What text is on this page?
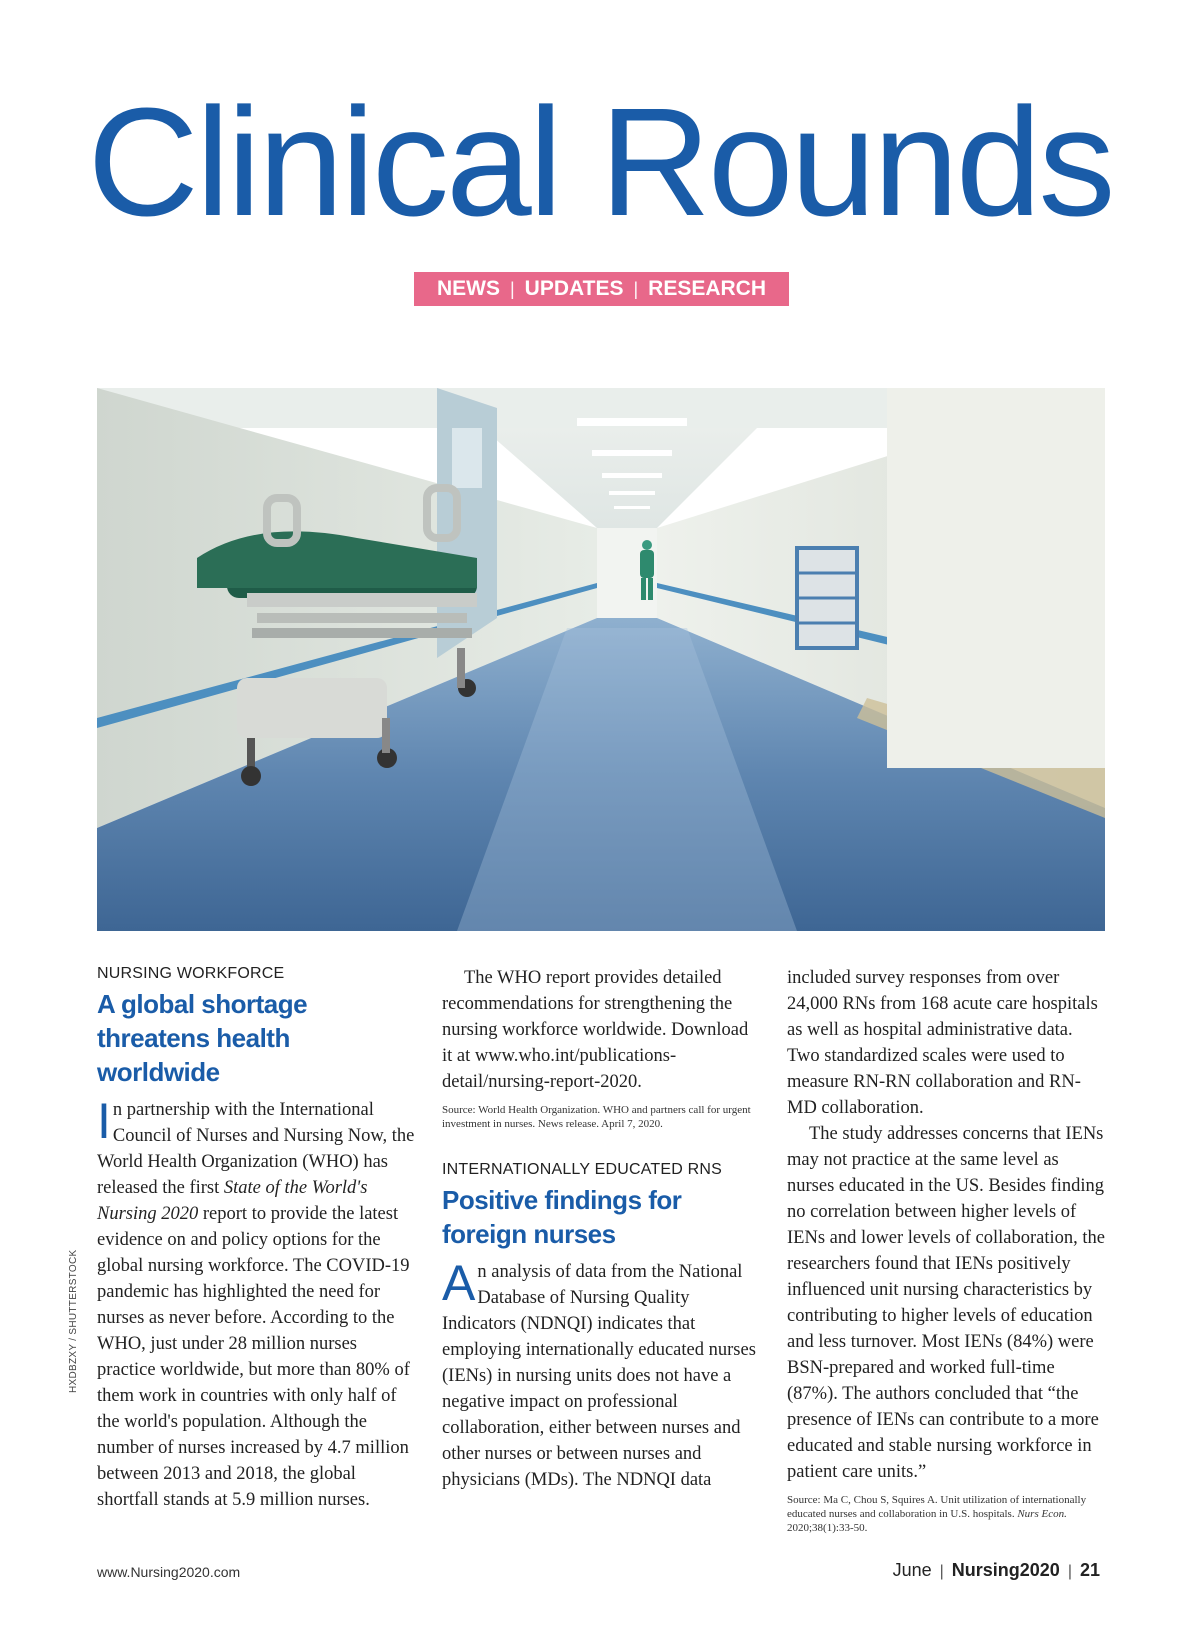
Clinical Rounds
NEWS | UPDATES | RESEARCH
NURSING WORKFORCE
A global shortage threatens health worldwide

In partnership with the International Council of Nurses and Nursing Now, the World Health Organization (WHO) has released the first State of the World's Nursing 2020 report to provide the latest evidence on and policy options for the global nursing workforce. The COVID-19 pandemic has highlighted the need for nurses as never before. According to the WHO, just under 28 million nurses practice worldwide, but more than 80% of them work in countries with only half of the world's population. Although the number of nurses increased by 4.7 million between 2013 and 2018, the global shortfall stands at 5.9 million nurses.

The WHO report provides detailed recommendations for strengthening the nursing workforce worldwide. Download it at www.who.int/publications-detail/nursing-report-2020.

Source: World Health Organization. WHO and partners call for urgent investment in nurses. News release. April 7, 2020.
INTERNATIONALLY EDUCATED RNS
Positive findings for foreign nurses

An analysis of data from the National Database of Nursing Quality Indicators (NDNQI) indicates that employing internationally educated nurses (IENs) in nursing units does not have a negative impact on professional collaboration, either between nurses and other nurses or between nurses and physicians (MDs). The NDNQI data

included survey responses from over 24,000 RNs from 168 acute care hospitals as well as hospital administrative data. Two standardized scales were used to measure RN-RN collaboration and RN-MD collaboration.

The study addresses concerns that IENs may not practice at the same level as nurses educated in the US. Besides finding no correlation between higher levels of IENs and lower levels of collaboration, the researchers found that IENs positively influenced unit nursing characteristics by contributing to higher levels of education and less turnover. Most IENs (84%) were BSN-prepared and worked full-time (87%). The authors concluded that “the presence of IENs can contribute to a more educated and stable nursing workforce in patient care units.”

Source: Ma C, Chou S, Squires A. Unit utilization of internationally educated nurses and collaboration in U.S. hospitals. Nurs Econ. 2020;38(1):33-50.
HXDBZXY / SHUTTERSTOCK
www.Nursing2020.com	June | Nursing2020 | 21
